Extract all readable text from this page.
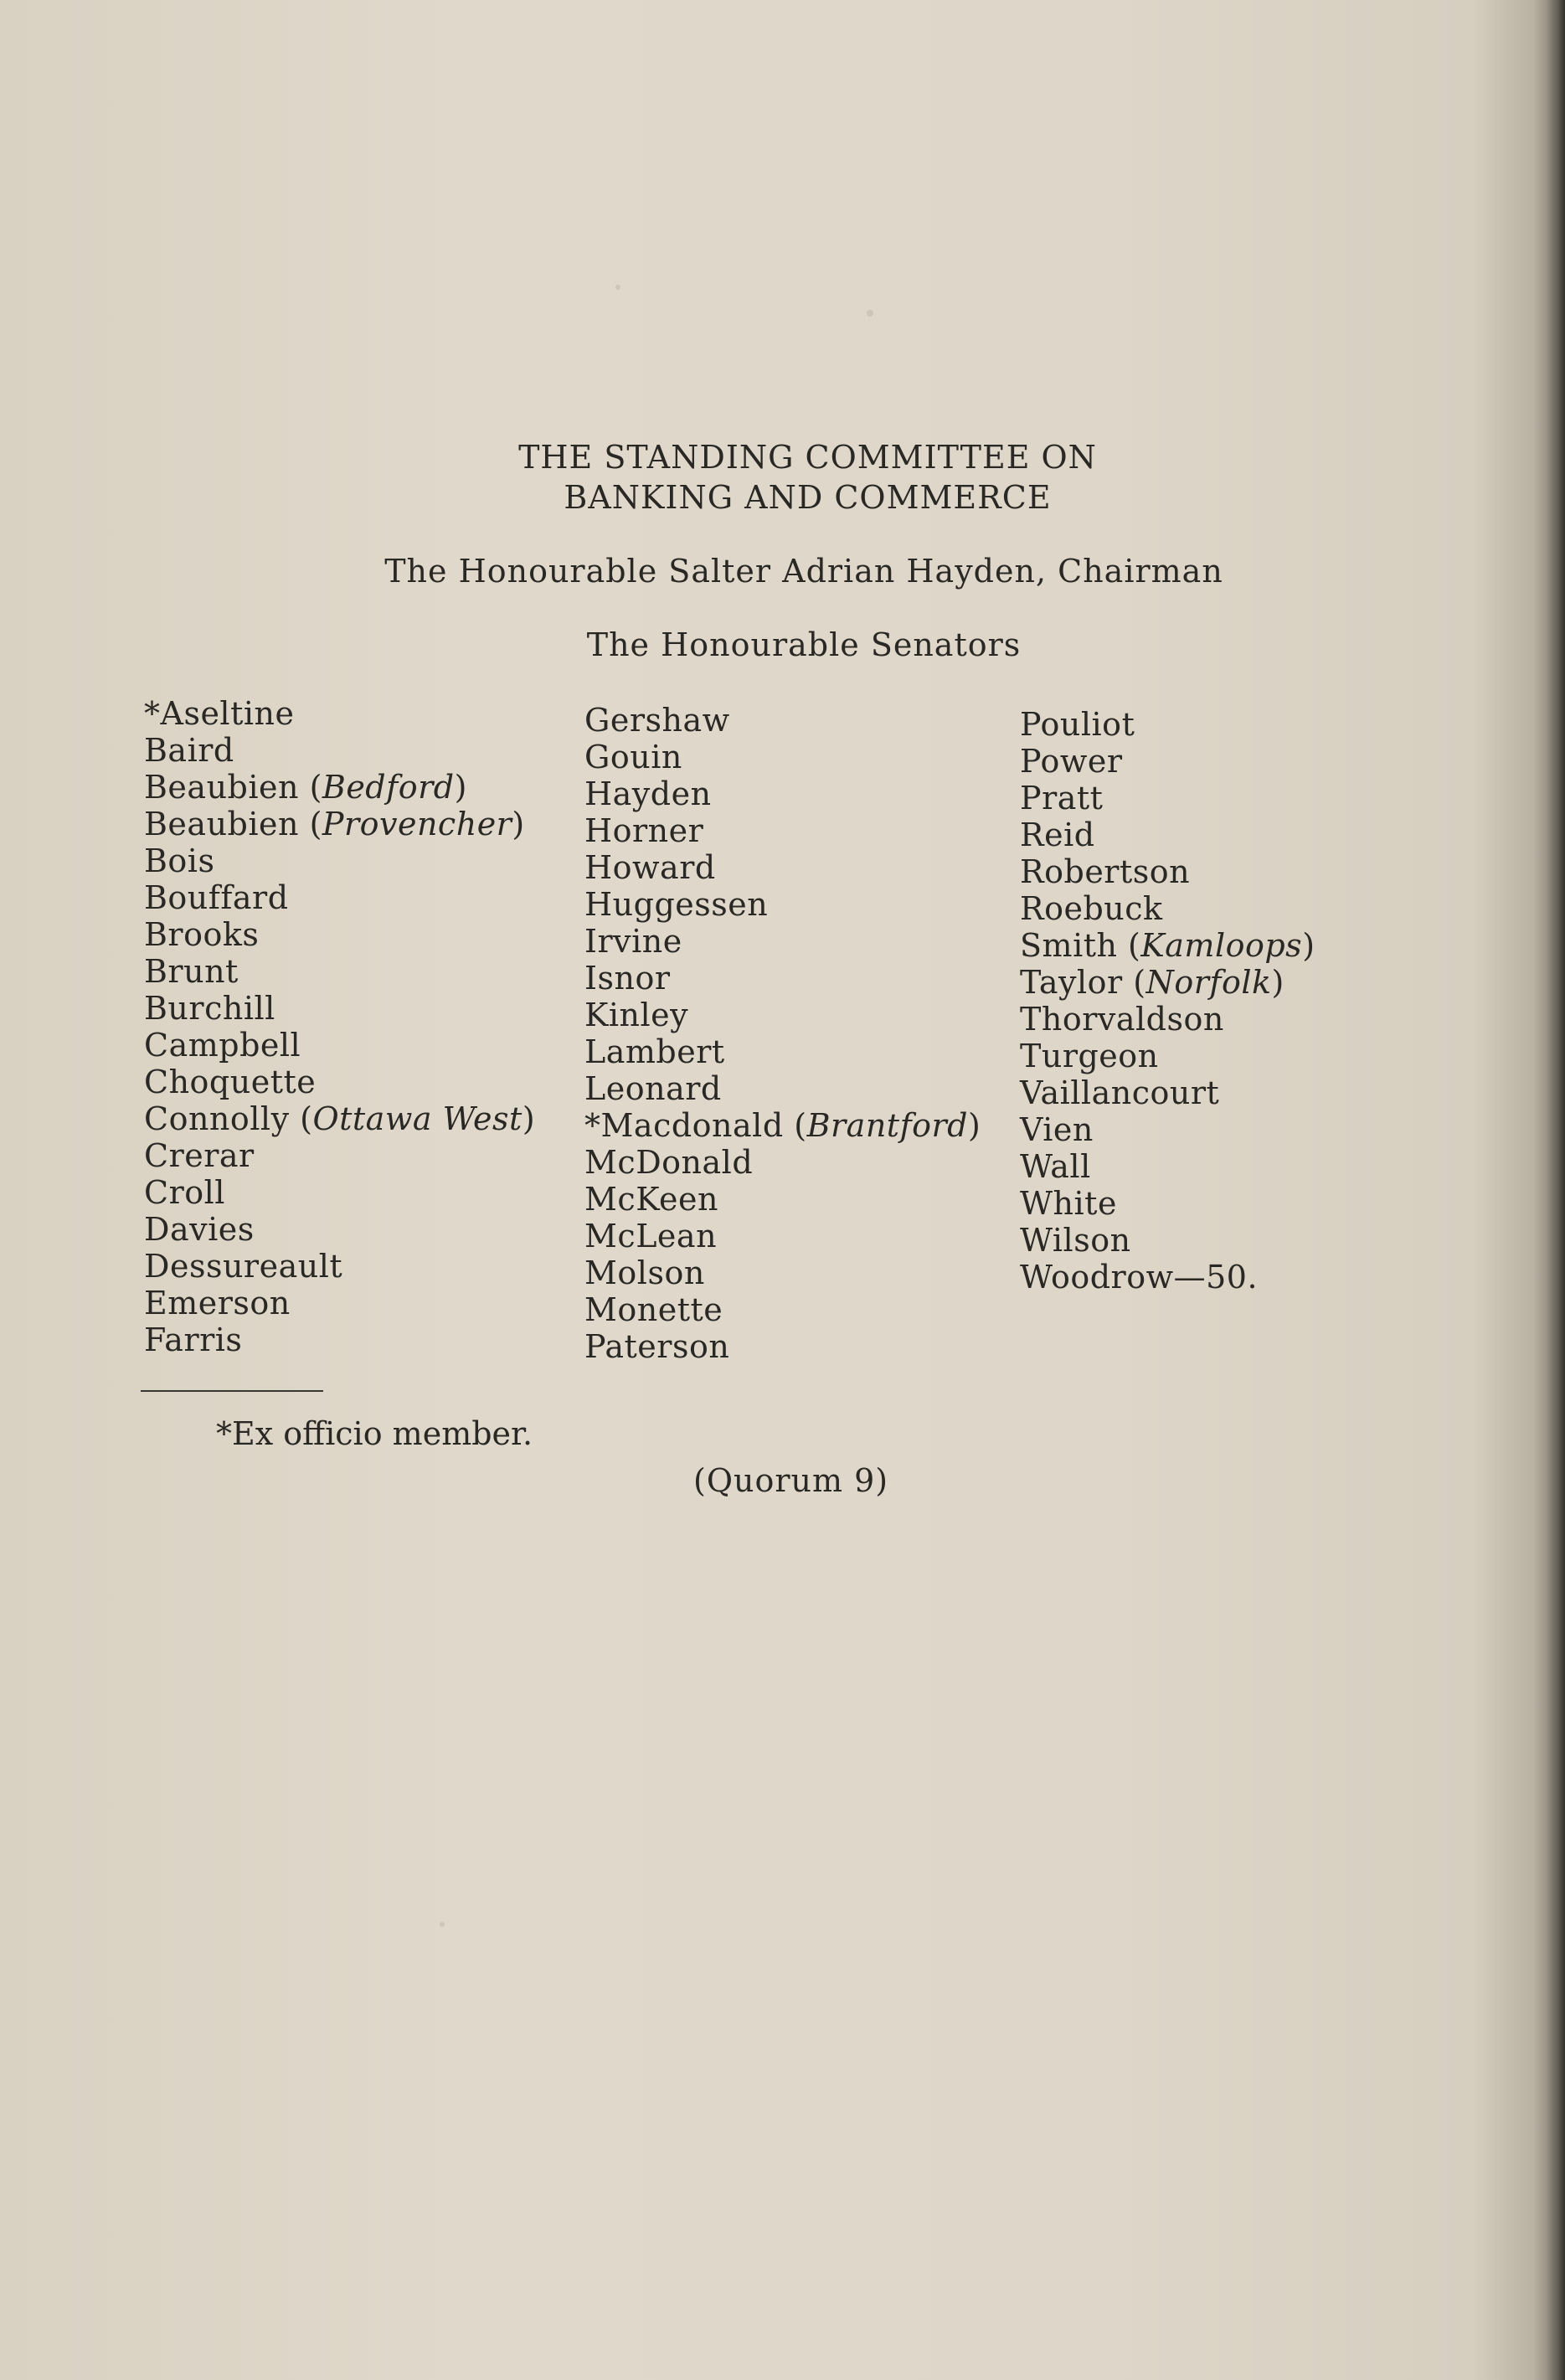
THE STANDING COMMITTEE ON
BANKING AND COMMERCE
The Honourable Salter Adrian Hayden, Chairman
The Honourable Senators
*Aseltine
Baird
Beaubien (Bedford)
Beaubien (Provencher)
Bois
Bouffard
Brooks
Brunt
Burchill
Campbell
Choquette
Connolly (Ottawa West)
Crerar
Croll
Davies
Dessureault
Emerson
Farris
Gershaw
Gouin
Hayden
Horner
Howard
Huggessen
Irvine
Isnor
Kinley
Lambert
Leonard
*Macdonald (Brantford)
McDonald
McKeen
McLean
Molson
Monette
Paterson
Pouliot
Power
Pratt
Reid
Robertson
Roebuck
Smith (Kamloops)
Taylor (Norfolk)
Thorvaldson
Turgeon
Vaillancourt
Vien
Wall
White
Wilson
Woodrow—50.
*Ex officio member.
(Quorum 9)
